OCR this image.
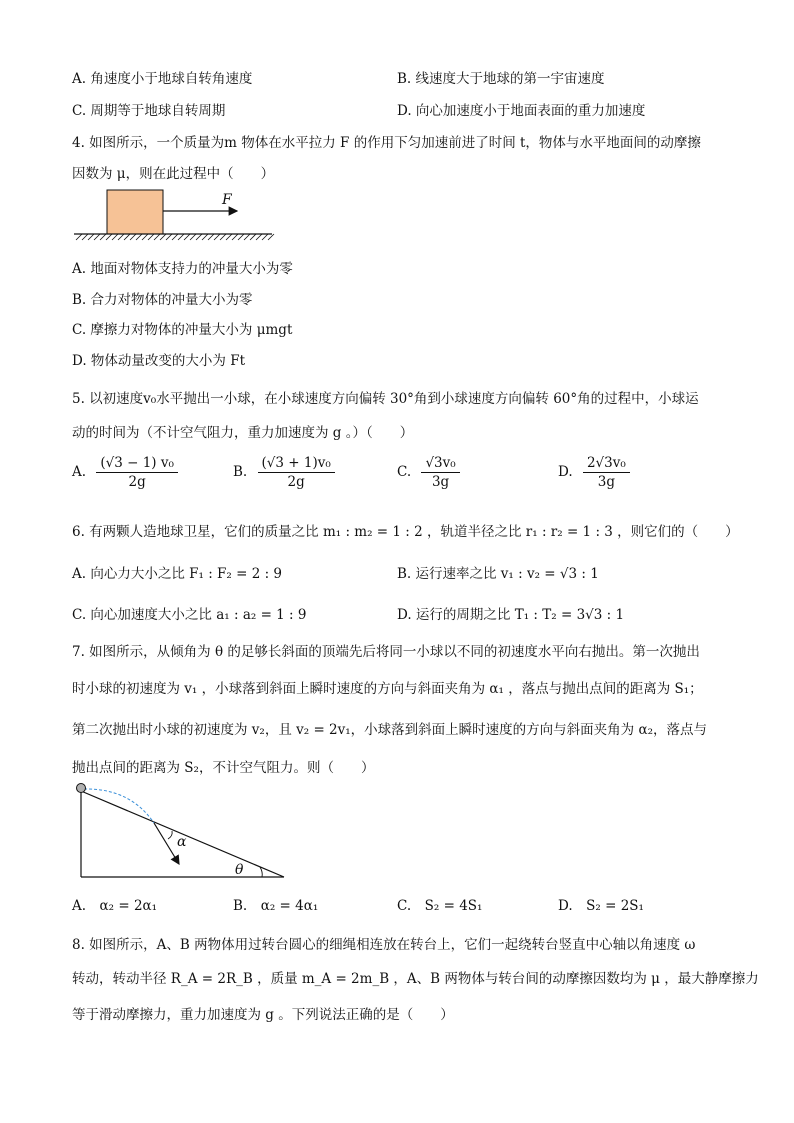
A. 角速度小于地球自转角速度	B. 线速度大于地球的第一宇宙速度
C. 周期等于地球自转周期	D. 向心加速度小于地面表面的重力加速度
4. 如图所示，一个质量为m 物体在水平拉力 F 的作用下匀加速前进了时间 t，物体与水平地面间的动摩擦
因数为 μ，则在此过程中（　　）
F
A. 地面对物体支持力的冲量大小为零
B. 合力对物体的冲量大小为零
C. 摩擦力对物体的冲量大小为 μmgt
D. 物体动量改变的大小为 Ft
5. 以初速度v₀水平抛出一小球，在小球速度方向偏转 30°角到小球速度方向偏转 60°角的过程中，小球运
动的时间为（不计空气阻力，重力加速度为 g 。）（　　）
A. $\frac{\text{(√3 − 1) v₀}}{2g}$	B. $\frac{\text{(√3 + 1)v₀}}{2g}$	C. $\frac{\text{√3v₀}}{3g}$	D. $\frac{\text{2√3v₀}}{3g}$
6. 有两颗人造地球卫星，它们的质量之比 m₁ : m₂ = 1 : 2 ，轨道半径之比 r₁ : r₂ = 1 : 3 ，则它们的（　　）
A. 向心力大小之比 F₁ : F₂ = 2 : 9	B. 运行速率之比 v₁ : v₂ = √3 : 1
C. 向心加速度大小之比 a₁ : a₂ = 1 : 9	D. 运行的周期之比 T₁ : T₂ = 3√3 : 1
7. 如图所示，从倾角为 θ 的足够长斜面的顶端先后将同一小球以不同的初速度水平向右抛出。第一次抛出
时小球的初速度为 v₁ ，小球落到斜面上瞬时速度的方向与斜面夹角为 α₁ ，落点与抛出点间的距离为 S₁；
第二次抛出时小球的初速度为 v₂，且 v₂ = 2v₁，小球落到斜面上瞬时速度的方向与斜面夹角为 α₂，落点与
抛出点间的距离为 S₂，不计空气阻力。则（　　）
α
θ
A.　α₂ = 2α₁	B.　α₂ = 4α₁	C.　S₂ = 4S₁	D.　S₂ = 2S₁
8. 如图所示，A、B 两物体用过转台圆心的细绳相连放在转台上，它们一起绕转台竖直中心轴以角速度 ω
转动，转动半径 R_A = 2R_B ，质量 m_A = 2m_B ，A、B 两物体与转台间的动摩擦因数均为 μ ，最大静摩擦力
等于滑动摩擦力，重力加速度为 g 。下列说法正确的是（　　）
